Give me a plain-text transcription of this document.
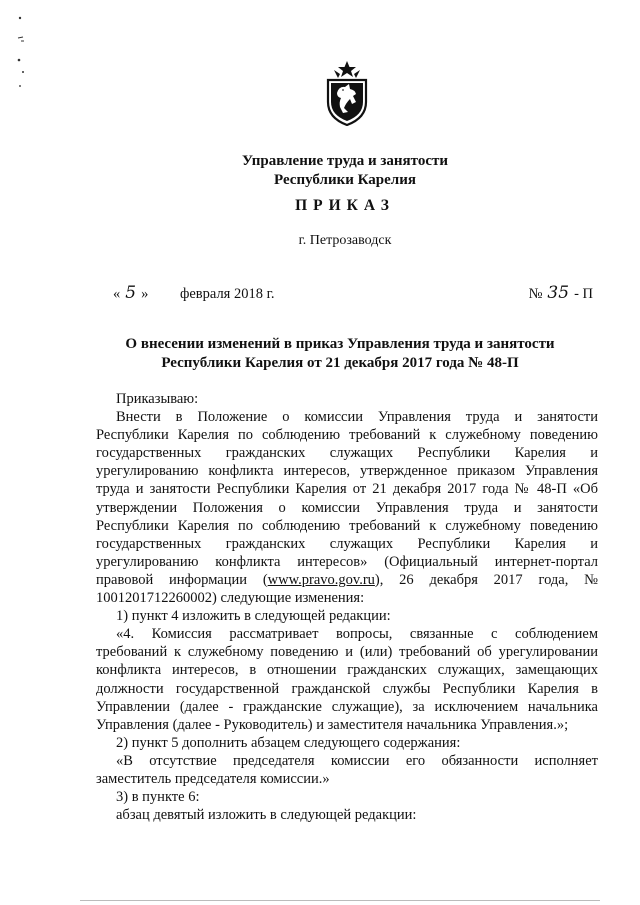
Управление труда и занятости
Республики Карелия
ПРИКАЗ
г. Петрозаводск
« 5 » февраля 2018 г.	№ 35 - П
О внесении изменений в приказ Управления труда и занятости
Республики Карелия от 21 декабря 2017 года № 48-П

Приказываю:

Внести в Положение о комиссии Управления труда и занятости

Республики Карелия по соблюдению требований к служебному поведению

государственных гражданских служащих Республики Карелия и

урегулированию конфликта интересов, утвержденное приказом Управления

труда и занятости Республики Карелия от 21 декабря 2017 года № 48-П «Об

утверждении Положения о комиссии Управления труда и занятости

Республики Карелия по соблюдению требований к служебному поведению

государственных гражданских служащих Республики Карелия и

урегулированию конфликта интересов» (Официальный интернет-портал

правовой информации (www.pravo.gov.ru), 26 декабря 2017 года, №

1001201712260002) следующие изменения:

1) пункт 4 изложить в следующей редакции:

«4. Комиссия рассматривает вопросы, связанные с соблюдением

требований к служебному поведению и (или) требований об урегулировании

конфликта интересов, в отношении гражданских служащих, замещающих

должности государственной гражданской службы Республики Карелия в

Управлении (далее - гражданские служащие), за исключением начальника

Управления (далее - Руководитель) и заместителя начальника Управления.»;

2) пункт 5 дополнить абзацем следующего содержания:

«В отсутствие председателя комиссии его обязанности исполняет

заместитель председателя комиссии.»

3) в пункте 6:

абзац девятый изложить в следующей редакции:
